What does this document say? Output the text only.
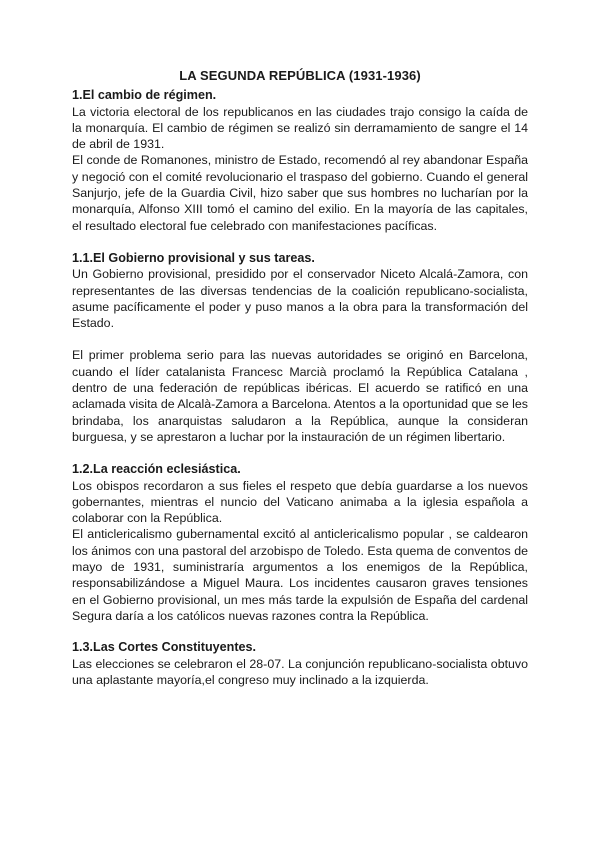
LA SEGUNDA REPÚBLICA (1931-1936)
1.El cambio de régimen.

La victoria electoral de los republicanos en las ciudades trajo consigo la caída de la monarquía. El cambio de régimen se realizó sin derramamiento de sangre el 14 de abril de 1931.

El conde de Romanones, ministro de Estado, recomendó al rey abandonar España y negoció con el comité revolucionario el traspaso del gobierno. Cuando el general Sanjurjo, jefe de la Guardia Civil, hizo saber que sus hombres no lucharían por la monarquía, Alfonso XIII tomó el camino del exilio. En la mayoría de las capitales, el resultado electoral fue celebrado con manifestaciones pacíficas.

1.1.El Gobierno provisional y sus tareas.

Un Gobierno provisional, presidido por el conservador Niceto Alcalá-Zamora, con representantes de las diversas tendencias de la coalición republicano-socialista, asume pacíficamente el poder y puso manos a la obra para la transformación del Estado.

El primer problema serio para las nuevas autoridades se originó en Barcelona, cuando el líder catalanista Francesc Marcià proclamó la República Catalana , dentro de una federación de repúblicas ibéricas. El acuerdo se ratificó en una aclamada visita de Alcalà-Zamora a Barcelona. Atentos a la oportunidad que se les brindaba, los anarquistas saludaron a la República, aunque la consideran burguesa, y se aprestaron a luchar por la instauración de un régimen libertario.

1.2.La reacción eclesiástica.

Los obispos recordaron a sus fieles el respeto que debía guardarse a los nuevos gobernantes, mientras el nuncio del Vaticano animaba a la iglesia española a colaborar con la República.

El anticlericalismo gubernamental excitó al anticlericalismo popular , se caldearon los ánimos con una pastoral del arzobispo de Toledo. Esta quema de conventos de mayo de 1931, suministraría argumentos a los enemigos de la República, responsabilizándose a Miguel Maura. Los incidentes causaron graves tensiones en el Gobierno provisional, un mes más tarde la expulsión de España del cardenal Segura daría a los católicos nuevas razones contra la República.

1.3.Las Cortes Constituyentes.

Las elecciones se celebraron el 28-07. La conjunción republicano-socialista obtuvo una aplastante mayoría,el congreso muy inclinado a la izquierda.
